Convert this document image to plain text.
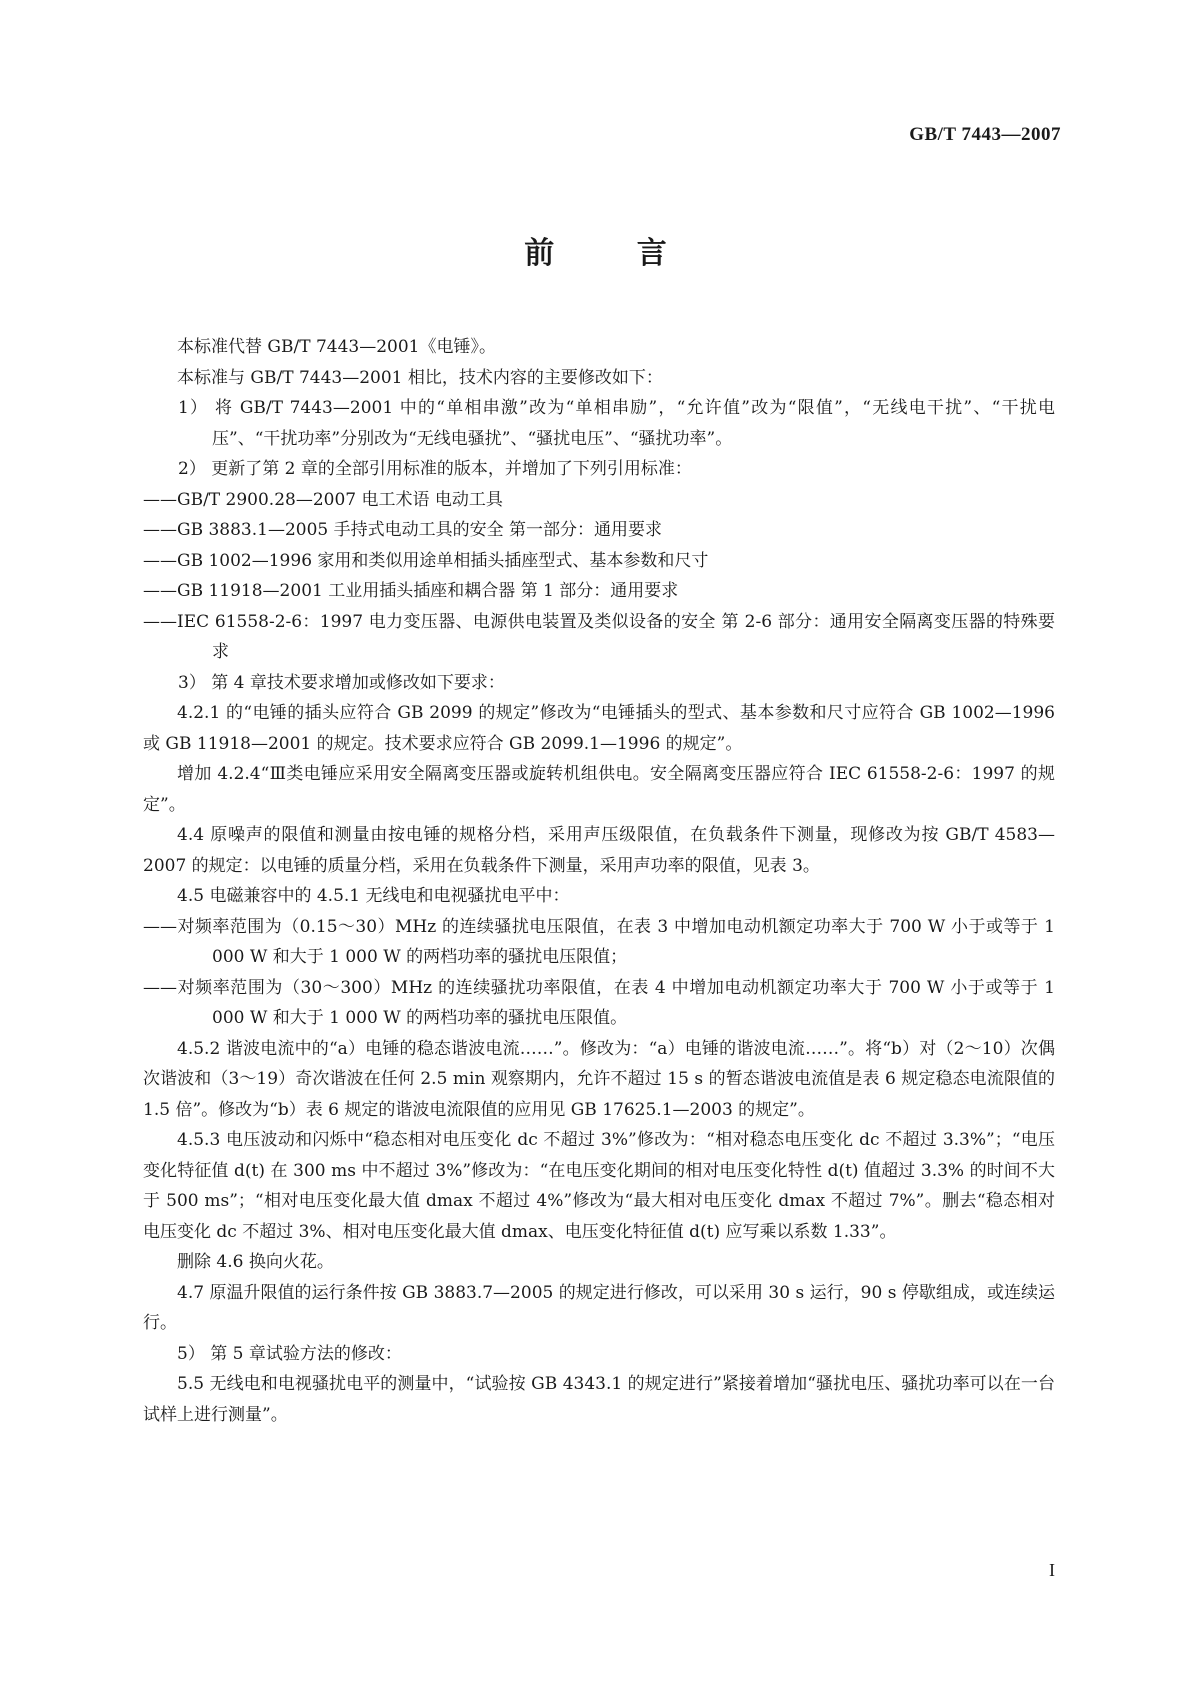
GB/T 7443—2007
前 言

本标准代替 GB/T 7443—2001《电锤》。

本标准与 GB/T 7443—2001 相比，技术内容的主要修改如下：

1） 将 GB/T 7443—2001 中的“单相串激”改为“单相串励”，“允许值”改为“限值”，“无线电干扰”、“干扰电压”、“干扰功率”分别改为“无线电骚扰”、“骚扰电压”、“骚扰功率”。

2） 更新了第 2 章的全部引用标准的版本，并增加了下列引用标准：

——GB/T 2900.28—2007 电工术语 电动工具

——GB 3883.1—2005 手持式电动工具的安全 第一部分：通用要求

——GB 1002—1996 家用和类似用途单相插头插座型式、基本参数和尺寸

——GB 11918—2001 工业用插头插座和耦合器 第 1 部分：通用要求

——IEC 61558-2-6：1997 电力变压器、电源供电装置及类似设备的安全 第 2-6 部分：通用安全隔离变压器的特殊要求

3） 第 4 章技术要求增加或修改如下要求：

4.2.1 的“电锤的插头应符合 GB 2099 的规定”修改为“电锤插头的型式、基本参数和尺寸应符合 GB 1002—1996 或 GB 11918—2001 的规定。技术要求应符合 GB 2099.1—1996 的规定”。

增加 4.2.4“Ⅲ类电锤应采用安全隔离变压器或旋转机组供电。安全隔离变压器应符合 IEC 61558-2-6：1997 的规定”。

4.4 原噪声的限值和测量由按电锤的规格分档，采用声压级限值，在负载条件下测量，现修改为按 GB/T 4583—2007 的规定：以电锤的质量分档，采用在负载条件下测量，采用声功率的限值，见表 3。

4.5 电磁兼容中的 4.5.1 无线电和电视骚扰电平中：

——对频率范围为（0.15～30）MHz 的连续骚扰电压限值，在表 3 中增加电动机额定功率大于 700 W 小于或等于 1 000 W 和大于 1 000 W 的两档功率的骚扰电压限值；

——对频率范围为（30～300）MHz 的连续骚扰功率限值，在表 4 中增加电动机额定功率大于 700 W 小于或等于 1 000 W 和大于 1 000 W 的两档功率的骚扰电压限值。

4.5.2 谐波电流中的“a）电锤的稳态谐波电流……”。修改为：“a）电锤的谐波电流……”。将“b）对（2～10）次偶次谐波和（3～19）奇次谐波在任何 2.5 min 观察期内，允许不超过 15 s 的暂态谐波电流值是表 6 规定稳态电流限值的 1.5 倍”。修改为“b）表 6 规定的谐波电流限值的应用见 GB 17625.1—2003 的规定”。

4.5.3 电压波动和闪烁中“稳态相对电压变化 dc 不超过 3%”修改为：“相对稳态电压变化 dc 不超过 3.3%”；“电压变化特征值 d(t) 在 300 ms 中不超过 3%”修改为：“在电压变化期间的相对电压变化特性 d(t) 值超过 3.3% 的时间不大于 500 ms”；“相对电压变化最大值 dmax 不超过 4%”修改为“最大相对电压变化 dmax 不超过 7%”。删去“稳态相对电压变化 dc 不超过 3%、相对电压变化最大值 dmax、电压变化特征值 d(t) 应写乘以系数 1.33”。

删除 4.6 换向火花。

4.7 原温升限值的运行条件按 GB 3883.7—2005 的规定进行修改，可以采用 30 s 运行，90 s 停歇组成，或连续运行。

5） 第 5 章试验方法的修改：

5.5 无线电和电视骚扰电平的测量中，“试验按 GB 4343.1 的规定进行”紧接着增加“骚扰电压、骚扰功率可以在一台试样上进行测量”。

I
